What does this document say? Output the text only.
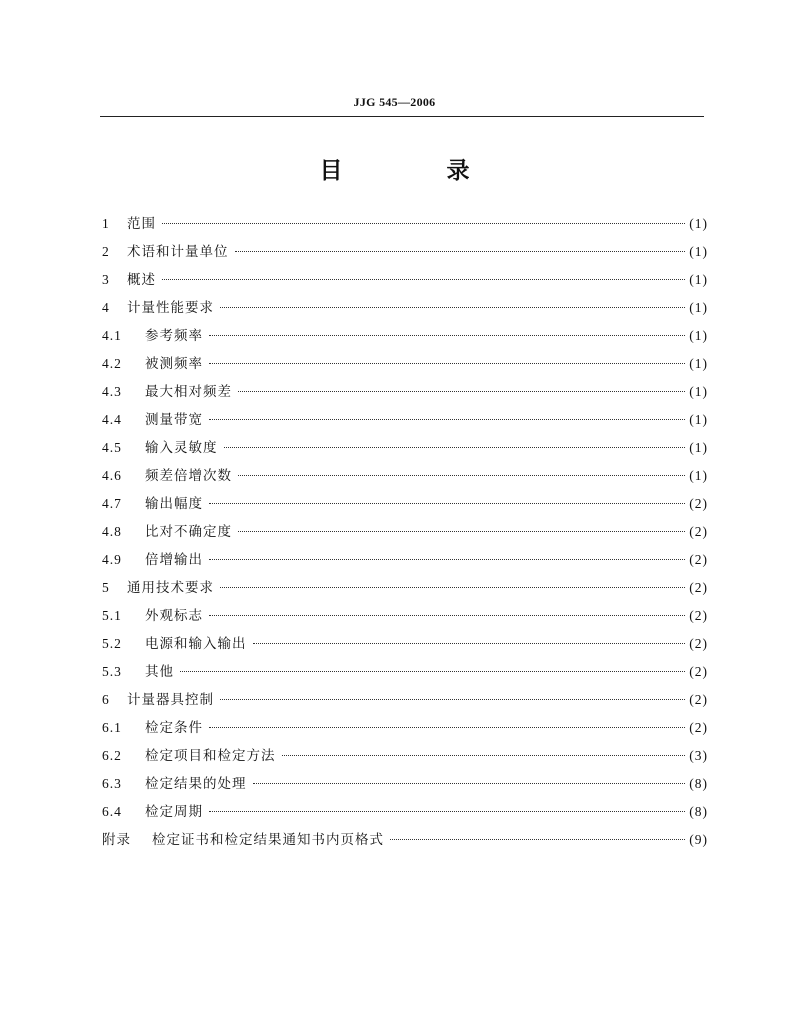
JJG 545—2006
目 录
1	范围	(1)
2	术语和计量单位	(1)
3	概述	(1)
4	计量性能要求	(1)
4.1	参考频率	(1)
4.2	被测频率	(1)
4.3	最大相对频差	(1)
4.4	测量带宽	(1)
4.5	输入灵敏度	(1)
4.6	频差倍增次数	(1)
4.7	输出幅度	(2)
4.8	比对不确定度	(2)
4.9	倍增输出	(2)
5	通用技术要求	(2)
5.1	外观标志	(2)
5.2	电源和输入输出	(2)
5.3	其他	(2)
6	计量器具控制	(2)
6.1	检定条件	(2)
6.2	检定项目和检定方法	(3)
6.3	检定结果的处理	(8)
6.4	检定周期	(8)
附录	检定证书和检定结果通知书内页格式	(9)
